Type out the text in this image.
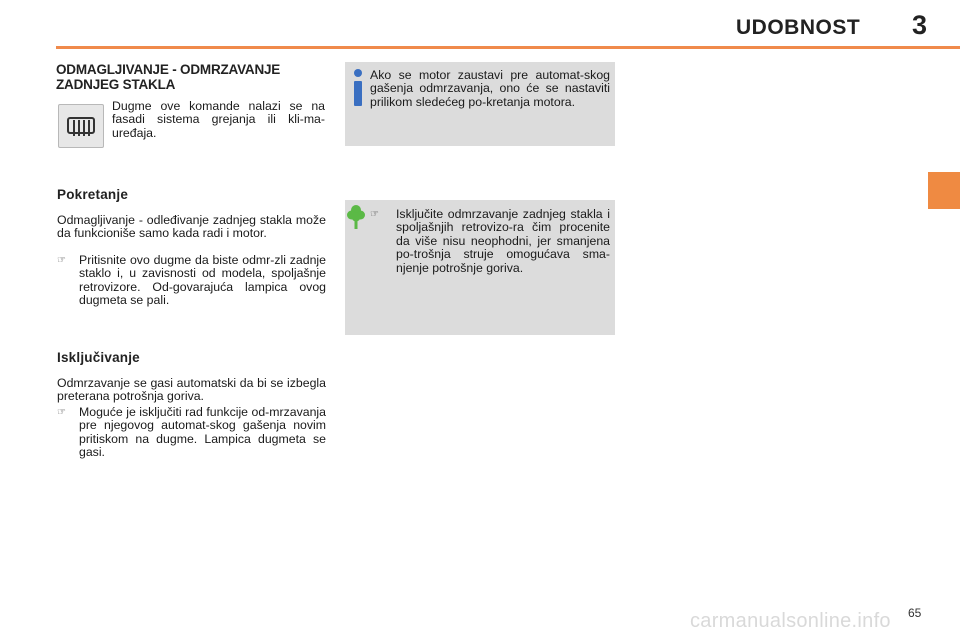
UDOBNOST 3
ODMAGLJIVANJE - ODMRZAVANJE ZADNJEG STAKLA
Dugme ove komande nalazi se na fasadi sistema grejanja ili kli-ma-uređaja.
Pokretanje
Odmagljivanje - odleđivanje zadnjeg stakla može da funkcioniše samo kada radi i motor.
☞ Pritisnite ovo dugme da biste odmr-zli zadnje staklo i, u zavisnosti od modela, spoljašnje retrovizore. Od-govarajuća lampica ovog dugmeta se pali.
Isključivanje
Odmrzavanje se gasi automatski da bi se izbegla preterana potrošnja goriva.
☞ Moguće je isključiti rad funkcije od-mrzavanja pre njegovog automat-skog gašenja novim pritiskom na dugme. Lampica dugmeta se gasi.
Ako se motor zaustavi pre automat-skog gašenja odmrzavanja, ono će se nastaviti prilikom sledećeg po-kretanja motora.
☞ Isključite odmrzavanje zadnjeg stakla i spoljašnjih retrovizo-ra čim procenite da više nisu neophodni, jer smanjena po-trošnja struje omogućava sma-njenje potrošnje goriva.
carmanualsonline.info 65
